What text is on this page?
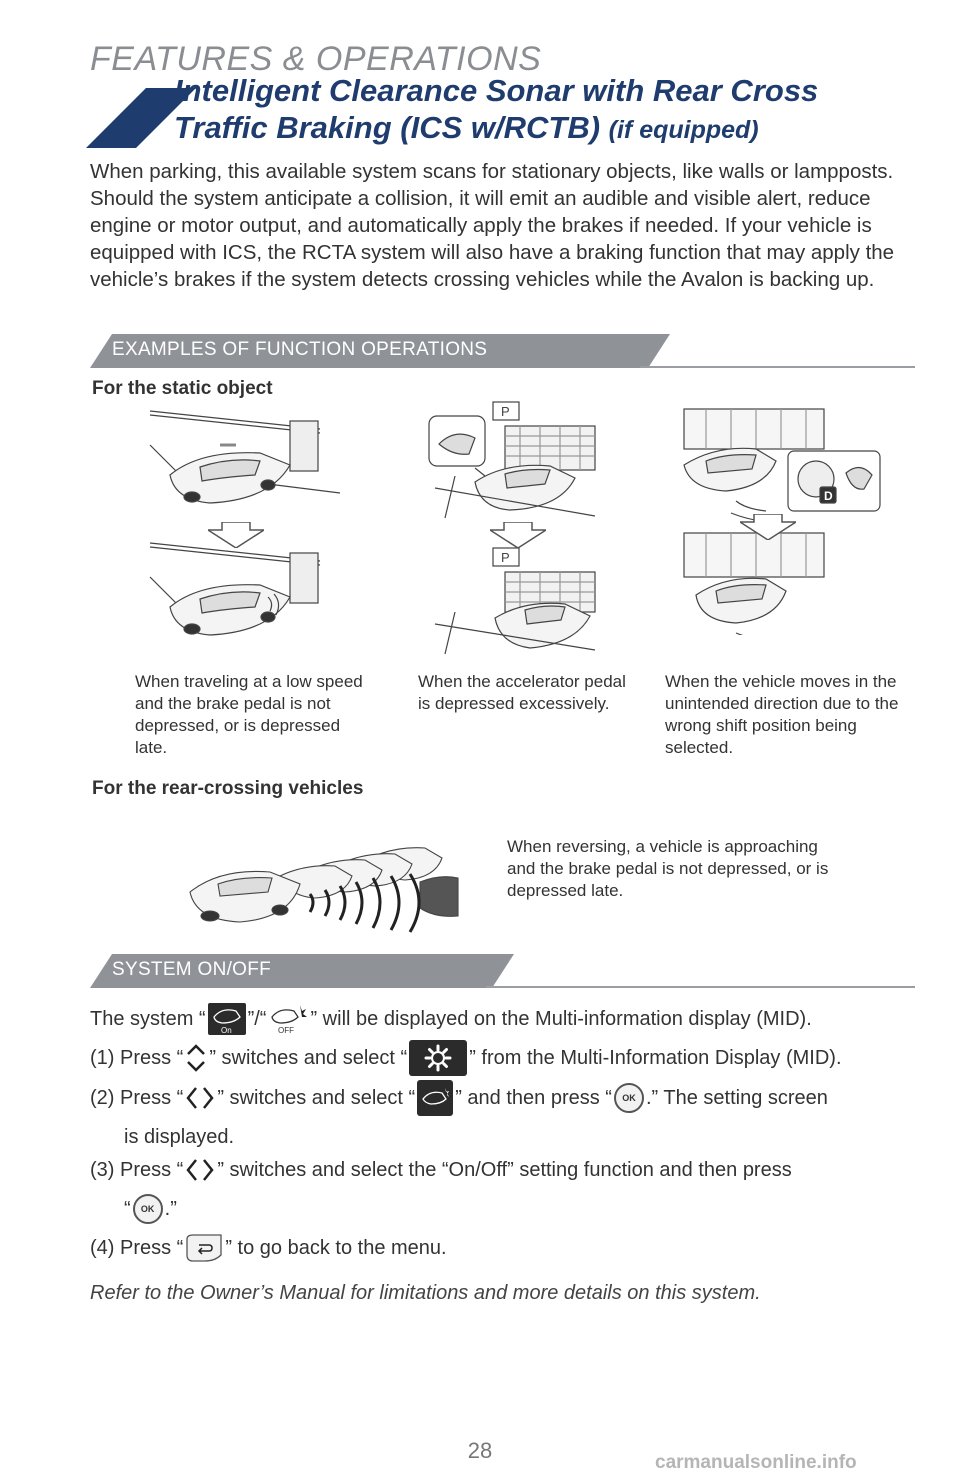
FEATURES & OPERATIONS
Intelligent Clearance Sonar with Rear Cross
Traffic Braking (ICS w/RCTB) (if equipped)

When parking, this available system scans for stationary objects, like walls or lampposts. Should the system anticipate a collision, it will emit an audible and visible alert, reduce engine or motor output, and automatically apply the brakes if needed. If your vehicle is equipped with ICS, the RCTA system will also have a braking function that may apply the vehicle’s brakes if the system detects crossing vehicles while the Avalon is backing up.

EXAMPLES OF FUNCTION OPERATIONS
For the static object
P
P
D
When traveling at a low speed and the brake pedal is not depressed, or is depressed late.
When the accelerator pedal is depressed excessively.
When the vehicle moves in the unintended direction due to the wrong shift position being selected.
For the rear-crossing vehicles
When reversing, a vehicle is approaching and the brake pedal is not depressed, or is depressed late.
SYSTEM ON/OFF
The system “
On
”/“
OFF
” will be displayed on the Multi-information display (MID).
(1) Press “ ” switches and select “	” from the Multi-Information Display (MID).
(2) Press “ ” switches and select “ ” and then press “	OK .” The setting screen
is displayed.
(3) Press “ ” switches and select the “On/Off” setting function and then press
“	OK .”
(4) Press “ ” to go back to the menu.
Refer to the Owner’s Manual for limitations and more details on this system.
28	carmanualsonline.info
